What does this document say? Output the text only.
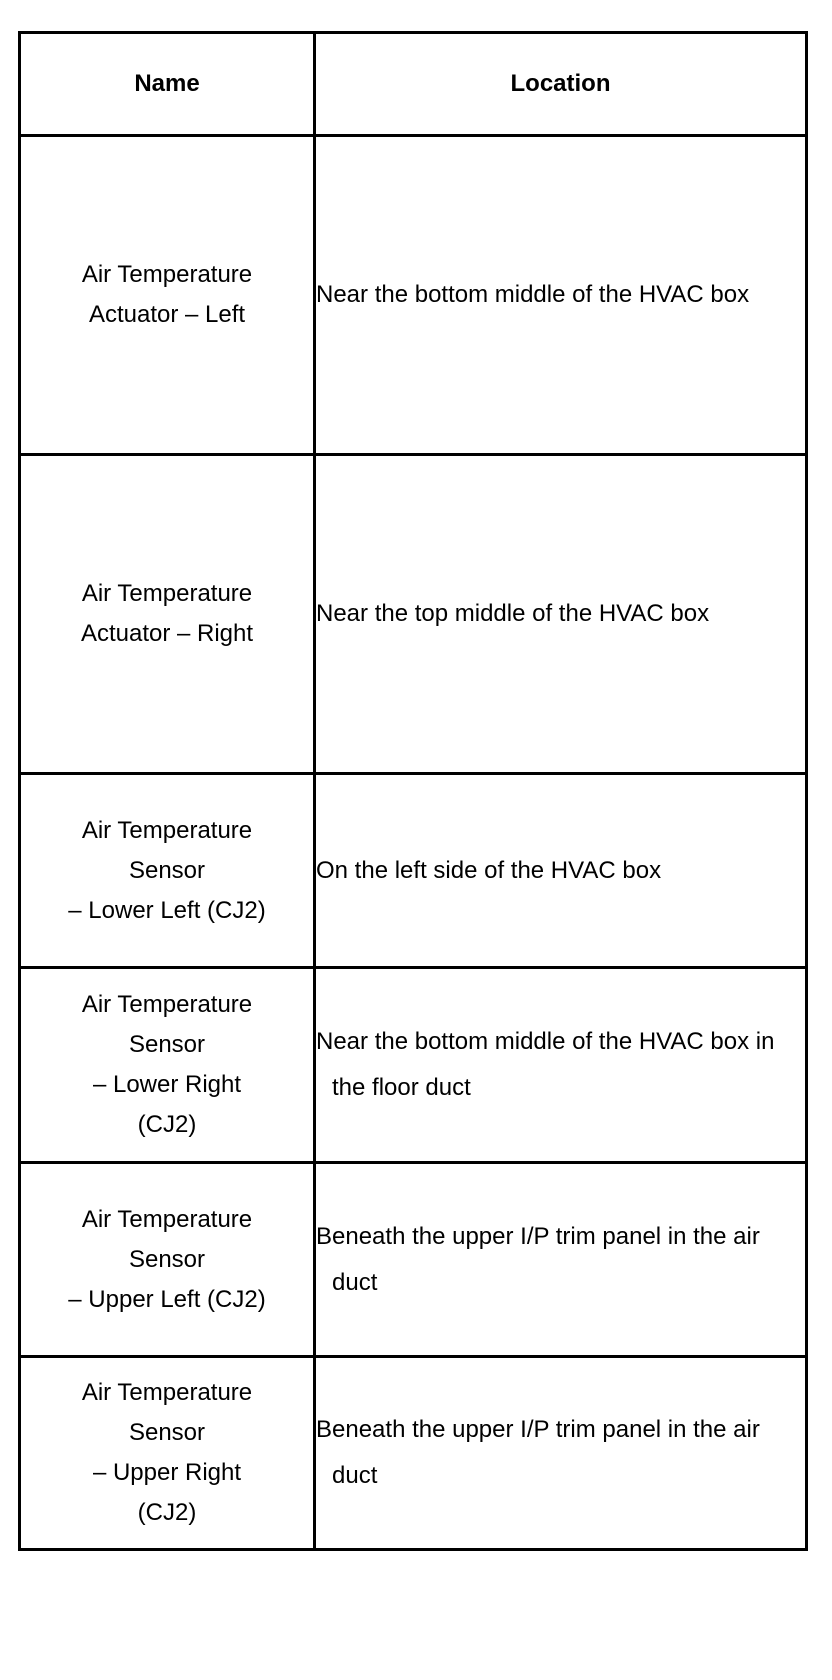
Name	Location

Air Temperature
Actuator – Left	Near the bottom middle of the HVAC box

Air Temperature
Actuator – Right	Near the top middle of the HVAC box

Air Temperature
Sensor
– Lower Left (CJ2)	On the left side of the HVAC box

Air Temperature
Sensor
– Lower Right
(CJ2)	Near the bottom middle of the HVAC box in the floor duct

Air Temperature
Sensor
– Upper Left (CJ2)	Beneath the upper I/P trim panel in the air duct

Air Temperature
Sensor
– Upper Right
(CJ2)	Beneath the upper I/P trim panel in the air duct
